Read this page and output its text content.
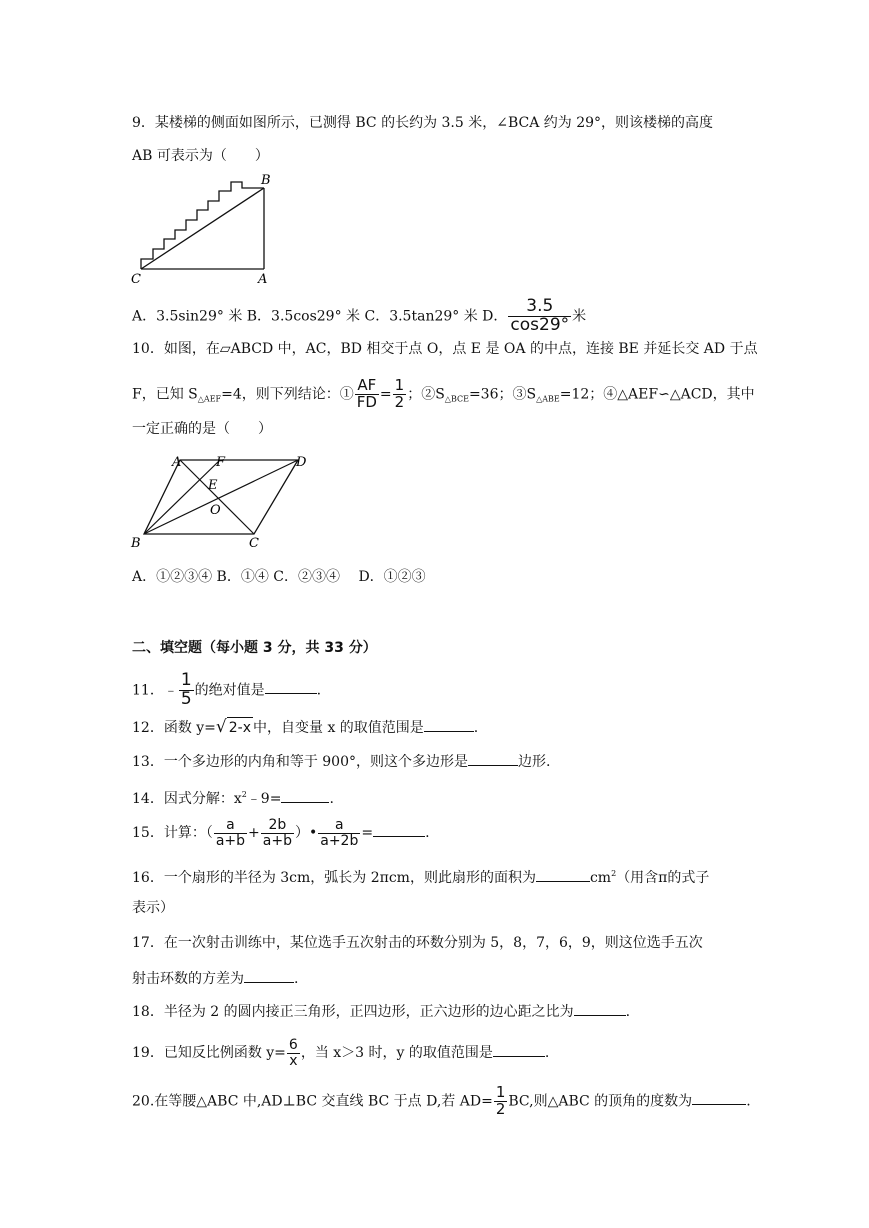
9．某楼梯的侧面如图所示，已测得 BC 的长约为 3.5 米，∠BCA 约为 29°，则该楼梯的高度
AB 可表示为（　　）
B
C	A
A．3.5sin29° 米 B．3.5cos29° 米 C．3.5tan29° 米 D． $\frac{3.5}{\cos 29^\circ}$ 米
10．如图，在▱ABCD 中，AC，BD 相交于点 O，点 E 是 OA 的中点，连接 BE 并延长交 AD 于点
F，已知 $S_{\triangle AEF}=4$，则下列结论：① $\frac{AF}{FD} = \frac{1}{2}$ ；$②S_{\triangle BCE}=36$；$③S_{\triangle ABE}=12$；④△AEF∽△ACD，其中
一定正确的是（　　）
A	F	D
E
O
B	C
A．①②③④ B．①④ C．②③④　 D．①②③
二、填空题（每小题 3 分，共 33 分）
11．﹣ $\frac{1}{5}$ 的绝对值是	.
12．函数 y=√ 2-x 中，自变量 x 的取值范围是	.
13．一个多边形的内角和等于 900°，则这个多边形是	边形.
14．因式分解：$x^2﹣9=$	.
15．计算：（ $\frac{a}{a+b} + \frac{2b}{a+b}$ ）• $\frac{a}{a+2b}$ =	.
16．一个扇形的半径为 3cm，弧长为 2πcm，则此扇形的面积为	$cm^2$（用含π的式子
表示）
17．在一次射击训练中，某位选手五次射击的环数分别为 5，8，7，6，9，则这位选手五次
射击环数的方差为	.
18．半径为 2 的圆内接正三角形，正四边形，正六边形的边心距之比为	.
19．已知反比例函数 $y= \frac{6}{x}$ ，当 x＞3 时，y 的取值范围是	.
20.在等腰△ABC 中,AD⊥BC 交直线 BC 于点 D,若 $AD= \frac{1}{2}$ BC,则△ABC 的顶角的度数为	.
